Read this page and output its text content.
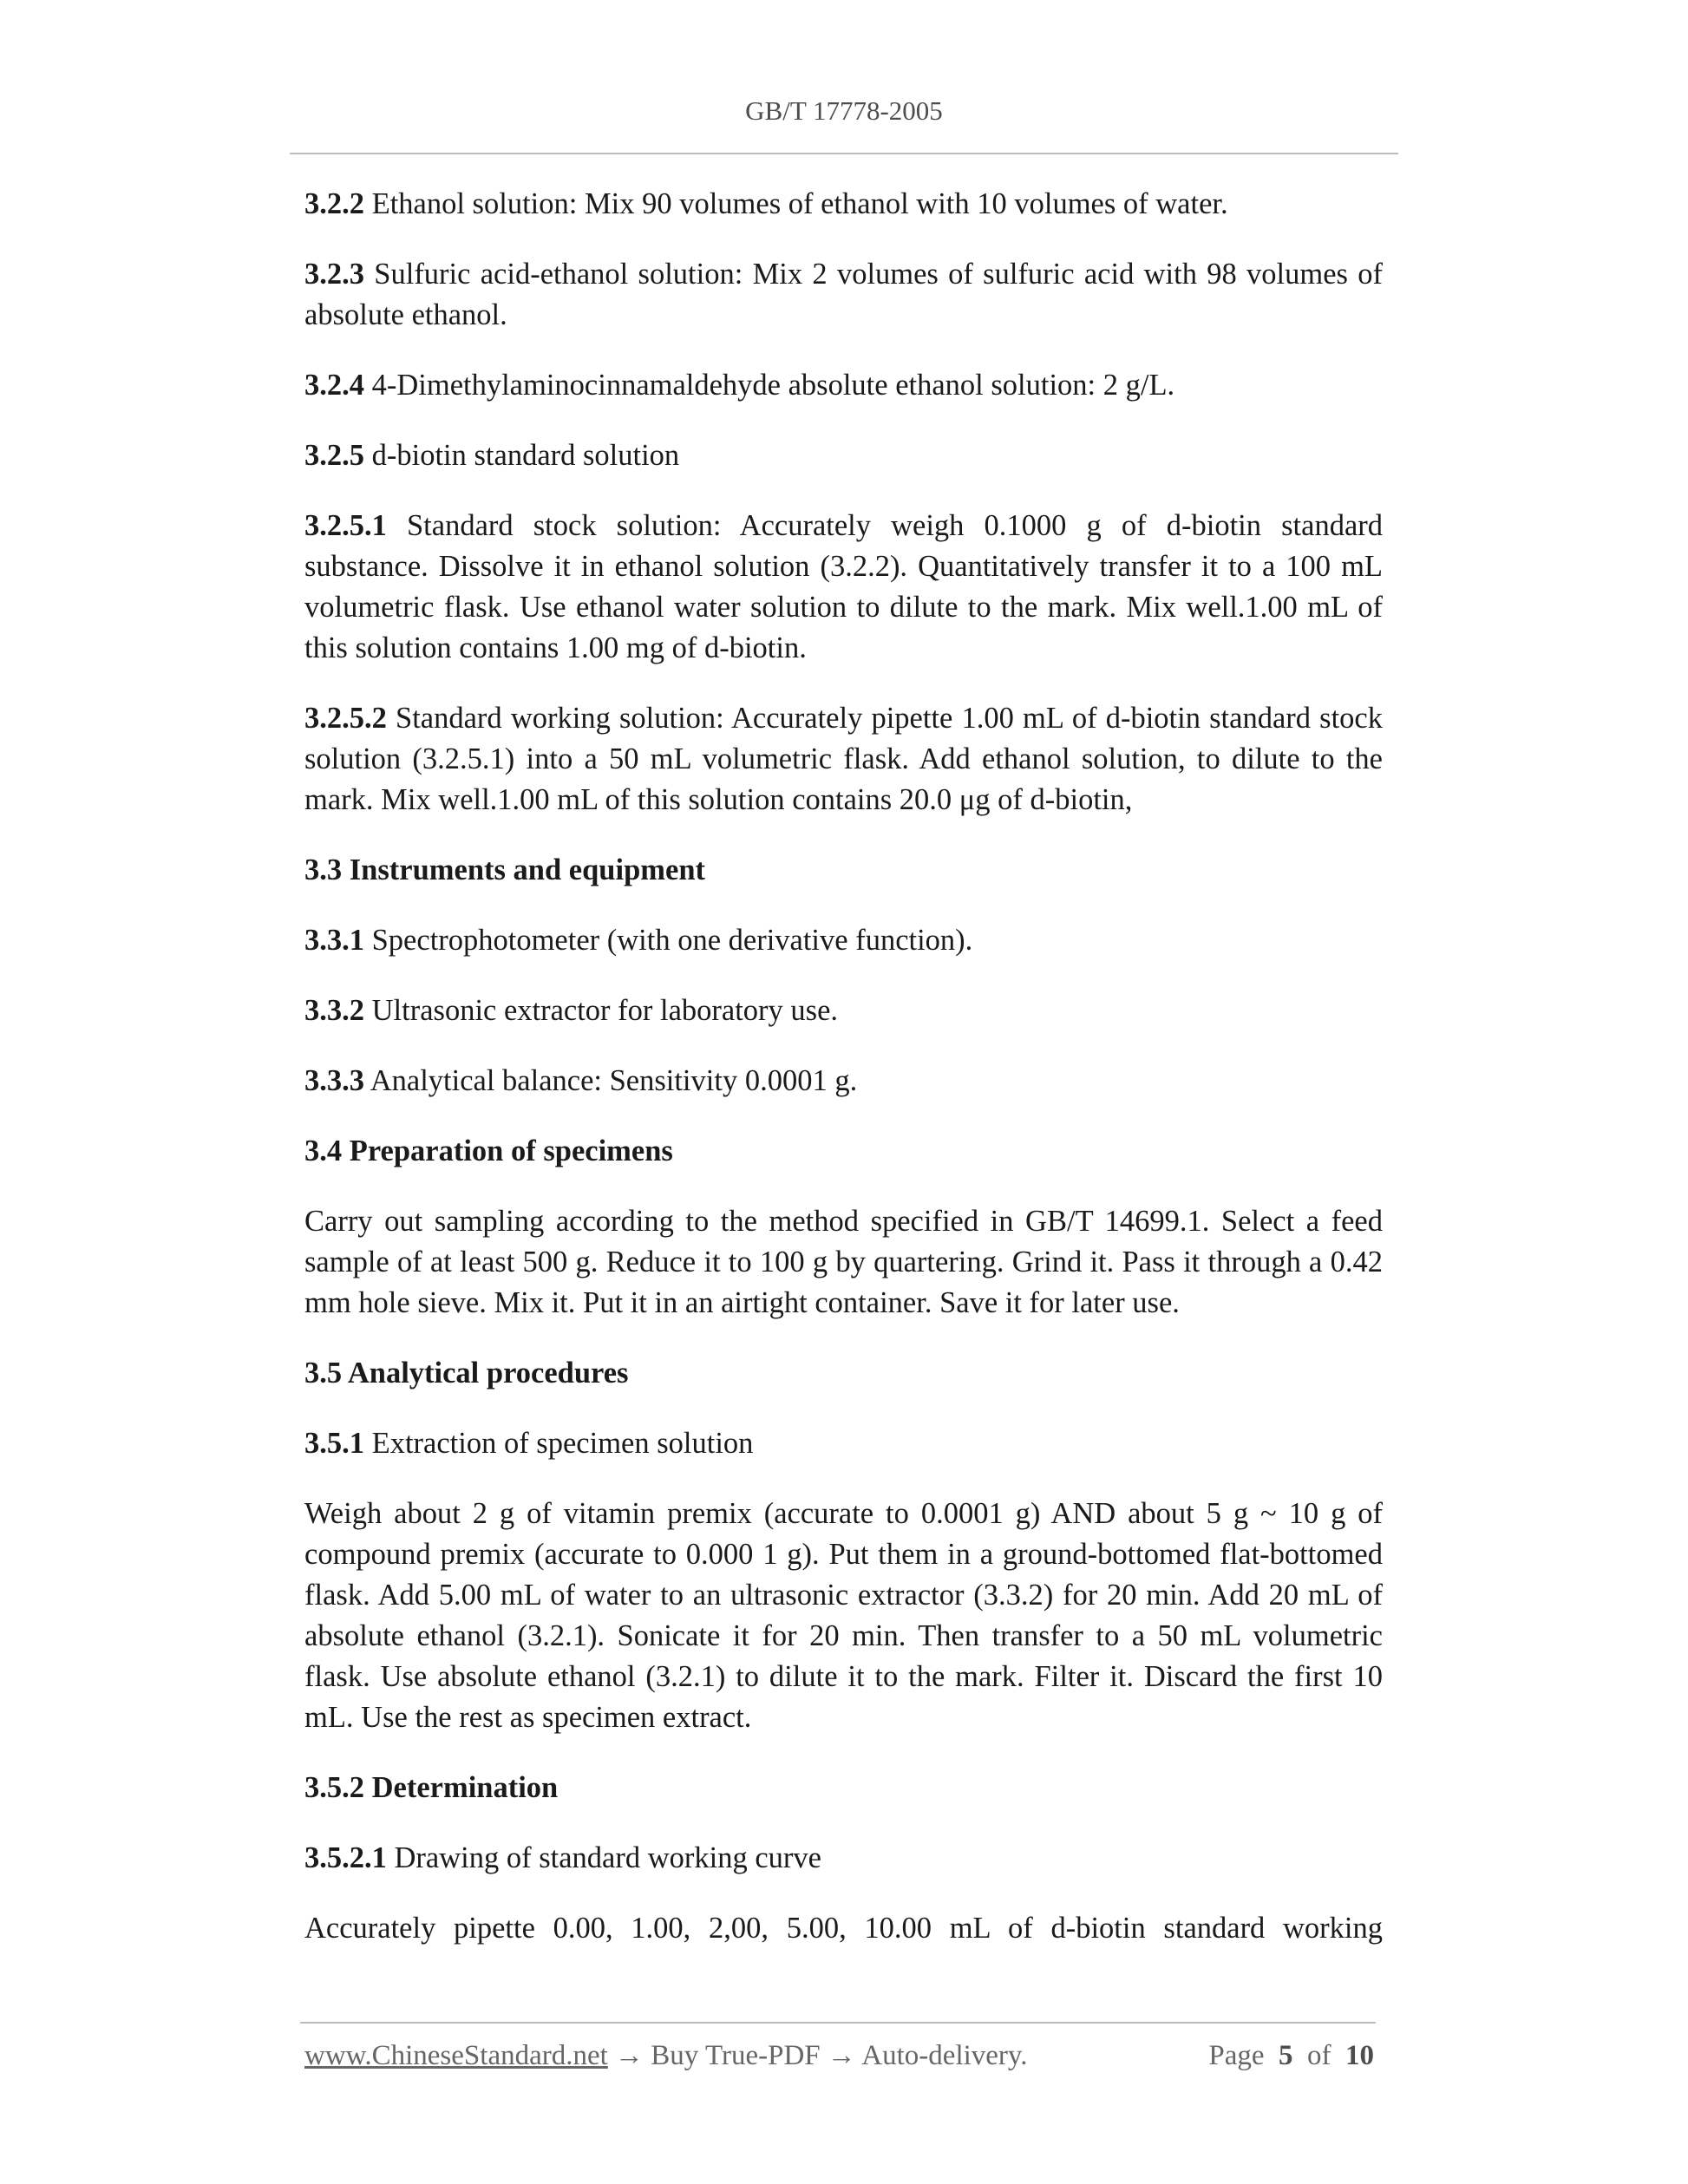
GB/T 17778-2005

3.2.2 Ethanol solution: Mix 90 volumes of ethanol with 10 volumes of water.

3.2.3 Sulfuric acid-ethanol solution: Mix 2 volumes of sulfuric acid with 98 volumes of absolute ethanol.

3.2.4 4-Dimethylaminocinnamaldehyde absolute ethanol solution: 2 g/L.

3.2.5 d-biotin standard solution

3.2.5.1 Standard stock solution: Accurately weigh 0.1000 g of d-biotin standard substance. Dissolve it in ethanol solution (3.2.2). Quantitatively transfer it to a 100 mL volumetric flask. Use ethanol water solution to dilute to the mark. Mix well.1.00 mL of this solution contains 1.00 mg of d-biotin.

3.2.5.2 Standard working solution: Accurately pipette 1.00 mL of d-biotin standard stock solution (3.2.5.1) into a 50 mL volumetric flask. Add ethanol solution, to dilute to the mark. Mix well.1.00 mL of this solution contains 20.0 μg of d-biotin,

3.3 Instruments and equipment

3.3.1 Spectrophotometer (with one derivative function).

3.3.2 Ultrasonic extractor for laboratory use.

3.3.3 Analytical balance: Sensitivity 0.0001 g.

3.4 Preparation of specimens

Carry out sampling according to the method specified in GB/T 14699.1. Select a feed sample of at least 500 g. Reduce it to 100 g by quartering. Grind it. Pass it through a 0.42 mm hole sieve. Mix it. Put it in an airtight container. Save it for later use.

3.5 Analytical procedures

3.5.1 Extraction of specimen solution

Weigh about 2 g of vitamin premix (accurate to 0.0001 g) AND about 5 g ~ 10 g of compound premix (accurate to 0.000 1 g). Put them in a ground-bottomed flat-bottomed flask. Add 5.00 mL of water to an ultrasonic extractor (3.3.2) for 20 min. Add 20 mL of absolute ethanol (3.2.1). Sonicate it for 20 min. Then transfer to a 50 mL volumetric flask. Use absolute ethanol (3.2.1) to dilute it to the mark. Filter it. Discard the first 10 mL. Use the rest as specimen extract.

3.5.2 Determination

3.5.2.1 Drawing of standard working curve

Accurately pipette 0.00, 1.00, 2,00, 5.00, 10.00 mL of d-biotin standard working

www.ChineseStandard.net → Buy True-PDF → Auto-delivery.	Page 5 of 10
